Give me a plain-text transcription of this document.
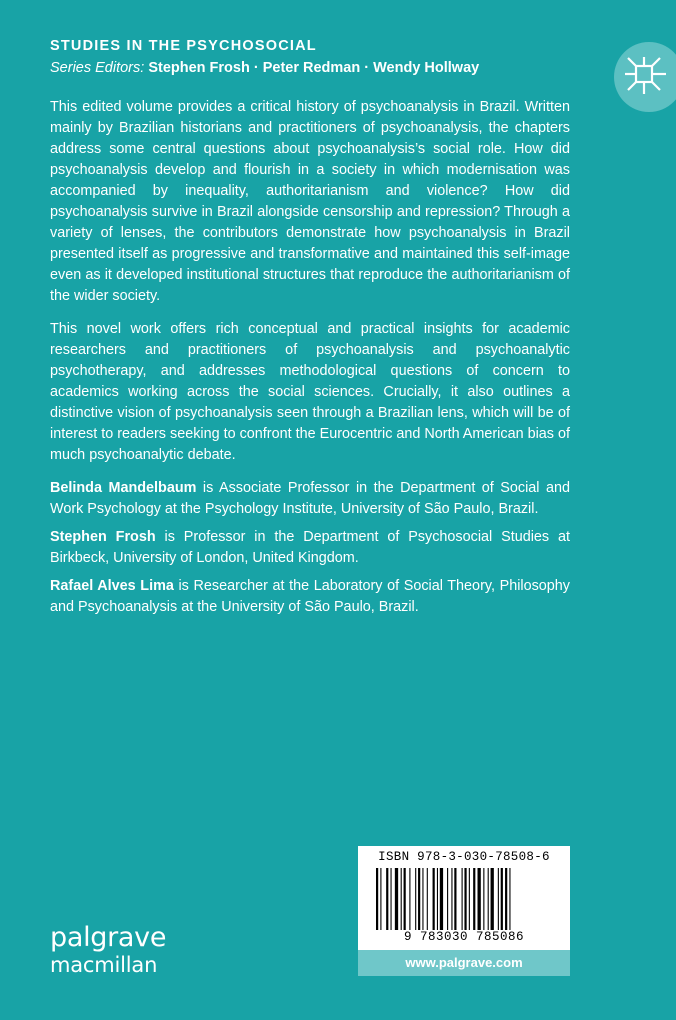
STUDIES IN THE PSYCHOSOCIAL
Series Editors: Stephen Frosh · Peter Redman · Wendy Hollway

This edited volume provides a critical history of psychoanalysis in Brazil. Written mainly by Brazilian historians and practitioners of psychoanalysis, the chapters address some central questions about psychoanalysis’s social role. How did psychoanalysis develop and flourish in a society in which modernisation was accompanied by inequality, authoritarianism and violence? How did psychoanalysis survive in Brazil alongside censorship and repression? Through a variety of lenses, the contributors demonstrate how psychoanalysis in Brazil presented itself as progressive and transformative and maintained this self-image even as it developed institutional structures that reproduce the authoritarianism of the wider society.

This novel work offers rich conceptual and practical insights for academic researchers and practitioners of psychoanalysis and psychoanalytic psychotherapy, and addresses methodological questions of concern to academics working across the social sciences. Crucially, it also outlines a distinctive vision of psychoanalysis seen through a Brazilian lens, which will be of interest to readers seeking to confront the Eurocentric and North American bias of much psychoanalytic debate.

Belinda Mandelbaum is Associate Professor in the Department of Social and Work Psychology at the Psychology Institute, University of São Paulo, Brazil.

Stephen Frosh is Professor in the Department of Psychosocial Studies at Birkbeck, University of London, United Kingdom.

Rafael Alves Lima is Researcher at the Laboratory of Social Theory, Philosophy and Psychoanalysis at the University of São Paulo, Brazil.

ISBN 978-3-030-78508-6
9 783030 785086
www.palgrave.com
palgrave
macmillan
